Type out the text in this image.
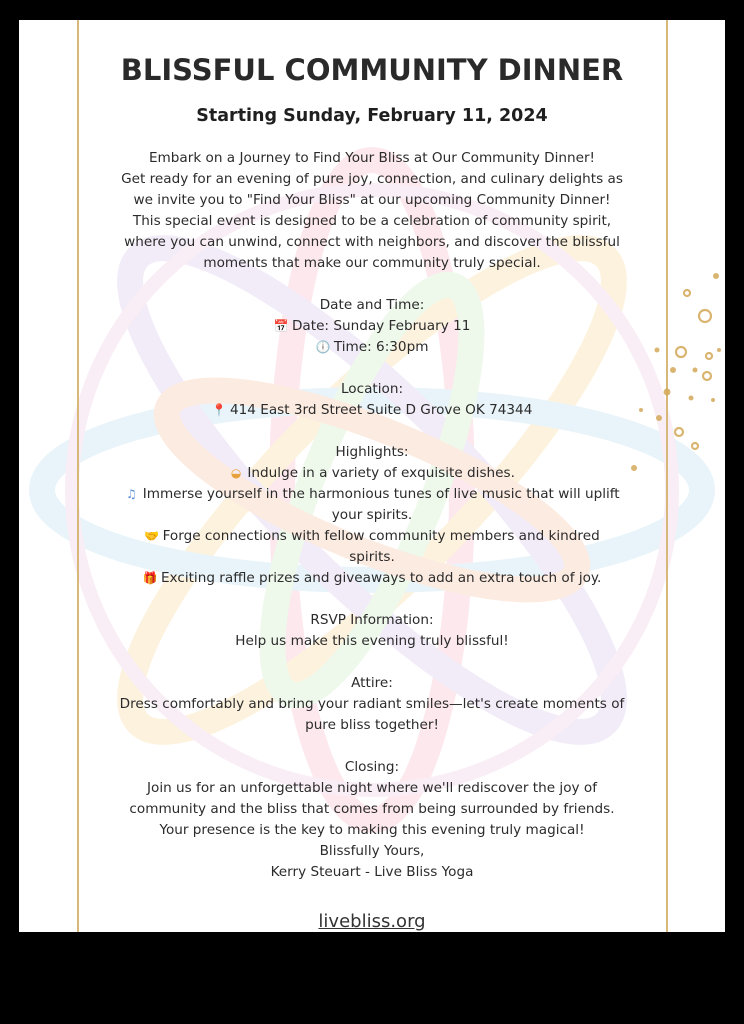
BLISSFUL COMMUNITY DINNER
Starting Sunday, February 11, 2024

Embark on a Journey to Find Your Bliss at Our Community Dinner!
Get ready for an evening of pure joy, connection, and culinary delights as
we invite you to "Find Your Bliss" at our upcoming Community Dinner!
This special event is designed to be a celebration of community spirit,
where you can unwind, connect with neighbors, and discover the blissful
moments that make our community truly special.

Date and Time:
📅 Date: Sunday February 11
🕕 Time: 6:30pm

Location:
📍 414 East 3rd Street Suite D Grove OK 74344

Highlights:
◒ Indulge in a variety of exquisite dishes.
♫ Immerse yourself in the harmonious tunes of live music that will uplift
your spirits.
🤝 Forge connections with fellow community members and kindred
spirits.
🎁 Exciting raffle prizes and giveaways to add an extra touch of joy.

RSVP Information:
Help us make this evening truly blissful!

Attire:
Dress comfortably and bring your radiant smiles—let's create moments of
pure bliss together!

Closing:
Join us for an unforgettable night where we'll rediscover the joy of
community and the bliss that comes from being surrounded by friends.
Your presence is the key to making this evening truly magical!
Blissfully Yours,
Kerry Steuart - Live Bliss Yoga

livebliss.org
